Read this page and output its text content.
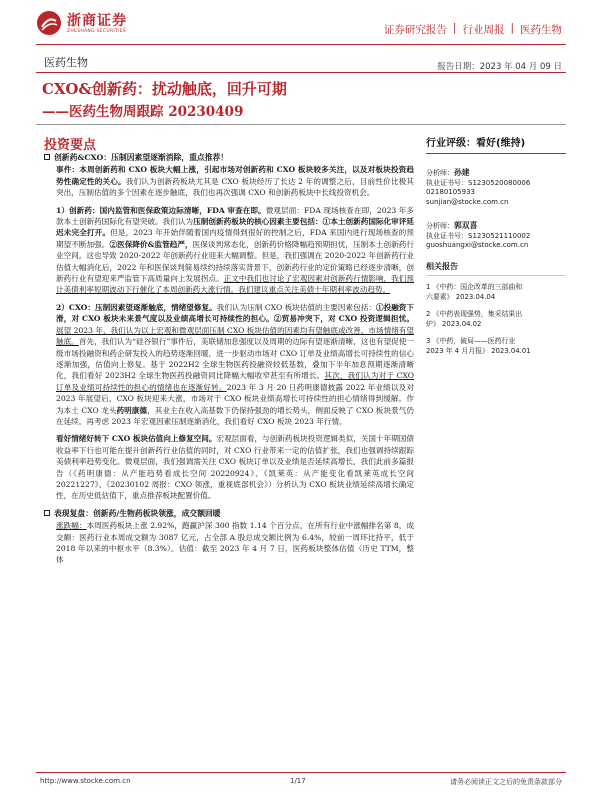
浙商证券
ZHESHANG SECURITIES	证券研究报告 | 行业周报 | 医药生物
医药生物	报告日期：2023 年 04 月 09 日
CXO&创新药：扰动触底，回升可期
——医药生物周跟踪 20230409
投资要点
创新药&CXO：压制因素望逐渐消除，重点推荐！

事件：本周创新药和 CXO 板块大幅上涨，引起市场对创新药和 CXO 板块较多关注，以及对板块投资趋势性确定性的关心。我们认为创新药板块尤其是 CXO 板块经历了长达 2 年的调整之后，目前性价比极其突出，压制估值的多个因素在逐步触底，我们也再次强调 CXO 和创新药板块中长线投资机会。

1）创新药：国内监管和医保政策边际清晰，FDA 审查在即。微观层面：FDA 现场核查在即，2023 年多款本土创新药国际化有望突破。我们认为压制创新药板块的核心因素主要包括：①本土创新药国际化审评延迟未完全打开。但是，2023 年开始伴随着国内疫情得到很好的控制之后，FDA 来国内进行现场核查的预期望不断加强。②医保降价&监管趋严，医保谈判常态化，创新药价格降幅趋预期担忧，压制本土创新药行业空间。这也导致 2020-2022 年创新药行业迎来大幅调整。但是，我们强调在 2020-2022 年创新药行业估值大幅消化后，2022 年和医保谈判简易续约持续落实背景下，创新药行业的定价策略已经逐步清晰，创新药行业有望迎来严监管下高质量向上发展拐点。正文中我们也讨论了宏观因素对创新药行情影响，我们预计美债利率短期波动下行催化了本周创新药大涨行情。我们建议重点关注美债十年期利率波动趋势。

2）CXO：压制因素望逐渐触底，情绪望修复。我们认为压制 CXO 板块估值的主要因素包括：①投融资下滑，对 CXO 板块未来景气度以及业绩高增长可持续性的担心。②贸易冲突下，对 CXO 投资逻辑担忧。展望 2023 年，我们认为以上宏观和微观层面压制 CXO 板块估值的因素均有望触底或改善。市场情绪有望触底。首先，我们认为“硅谷银行”事件后，美联储加息强度以及周期的边际有望逐渐清晰，这也有望促使一级市场投融资和药企研发投入的趋势逐渐回暖，进一步驱动市场对 CXO 订单及业绩高增长可持续性的信心逐渐加强，估值向上修复。基于 2022H2 全球生物医药投融资较低基数，叠加下半年加息预期逐渐清晰化，我们看好 2023H2 全球生物医药投融资同比降幅大幅收窄甚至有所增长。其次，我们认为对于 CXO 订单及业绩可持续性的担心的情绪也在逐渐好转。2023 年 3 月 20 日药明康德披露 2022 年业绩以及对 2023 年展望后，CXO 板块迎来大涨，市场对于 CXO 板块业绩高增长可持续性的担心情绪得到缓解。作为本土 CXO 龙头药明康德，其业主在收入高基数下仍保持强劲的增长势头，侧面反映了 CXO 板块景气仍在延续。再考虑 2023 年宏观因素压制逐渐消化，我们看好 CXO 板块 2023 年行情。

看好情绪好转下 CXO 板块估值向上修复空间。宏观层面看，与创新药板块投资逻辑类似，关国十年期国债收益率下行也可能在提升创新药行业估值的同时，对 CXO 行业带来一定的估值扩张，我们也强调持续跟踪美债利率趋势变化。微观层面，我们强调需关注 CXO 板块订单以及业绩是否延续高增长，我们此前多篇报告（《药明康德：从产能趋势看成长空间 20220924》、《凯莱英：从产能变化看凯莱英成长空间 20221227》、《20230102 周报：CXO 领涨，重视底部机会》）分析认为 CXO 板块业绩延续高增长确定性，在历史低估值下，重点推荐板块配置价值。

表现复盘：创新药/生物药板块领涨，成交额回暖

涨跌幅：本周医药板块上涨 2.92%，跑赢沪深 300 指数 1.14 个百分点，在所有行业中涨幅排名第 8，成交额：医药行业本周成交额为 3087 亿元，占全部 A 股总成交额比例为 6.4%，较前一周环比持平，低于 2018 年以来的中枢水平（8.3%）。估值：截至 2023 年 4 月 7 日，医药板块整体估值（历史 TTM，整体

行业评级：看好(维持)
分析师：孙建
执业证书号：S1230520080006
02180105933
sunjian@stocke.com.cn
分析师：郭双喜
执业证书号：S1230521110002
guoshuangxi@stocke.com.cn
相关报告
1 《中药：国企改革的三部曲和
六要素》 2023.04.04
2 《中药表现强势，集采结果出
炉》 2023.04.02
3 《中药，破局——医药行业
2023 年 4 月月报》 2023.04.01
http://www.stocke.com.cn	1/17	请务必阅读正文之后的免责条款部分
